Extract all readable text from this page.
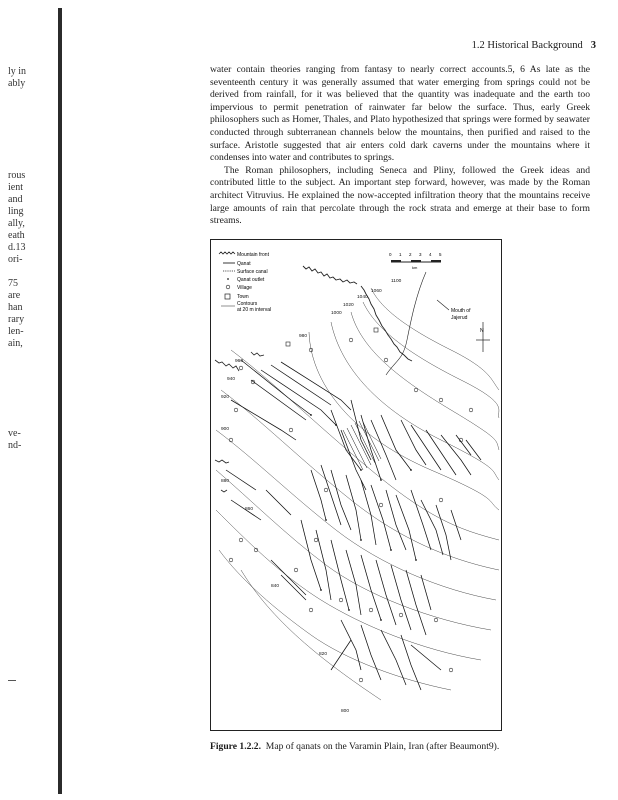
ly in
ably
rous
ient
and
ling
ally,
eath
d.13
ori-
75
are
han
rary
len-
ain,
ve-
nd-
1.2 Historical Background 3

water contain theories ranging from fantasy to nearly correct accounts.5, 6 As late as the seventeenth century it was generally assumed that water emerging from springs could not be derived from rainfall, for it was believed that the quantity was inadequate and the earth too impervious to permit penetration of rainwater far below the surface. Thus, early Greek philosophers such as Homer, Thales, and Plato hypothesized that springs were formed by seawater conducted through subterranean channels below the mountains, then purified and raised to the surface. Aristotle suggested that air enters cold dark caverns under the mountains where it condenses into water and contributes to springs.

The Roman philosophers, including Seneca and Pliny, followed the Greek ideas and contributed little to the subject. An important step forward, however, was made by the Roman architect Vitruvius. He explained the now-accepted infiltration theory that the mountains receive large amounts of rain that percolate through the rock strata and emerge at their base to form streams.

Mountain front
Qanat
Surface canal
Qanat outlet
Village
Town
Contours
at 20 m interval
0 1 2 3 4 5
km
N
Mouth of
Jajerud
1100
1060
1040
1020
1000
980
960
940
920
900
880
860
840
820
800
Figure 1.2.2. Map of qanats on the Varamin Plain, Iran (after Beaumont9).
